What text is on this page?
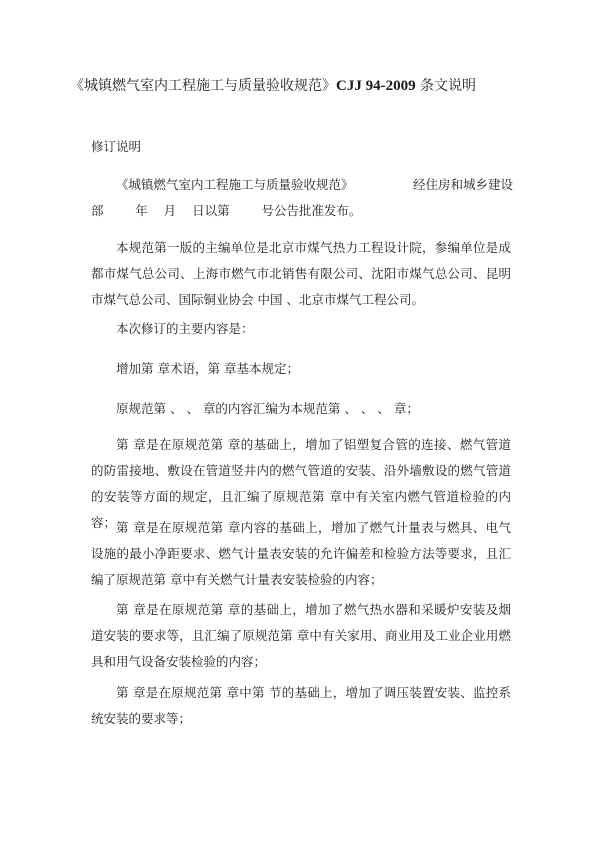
《城镇燃气室内工程施工与质量验收规范》CJJ 94-2009 条文说明
修订说明
《城镇燃气室内工程施工与质量验收规范》	经住房和城乡建设
部        年    月    日以第        号公告批准发布。

本规范第一版的主编单位是北京市煤气热力工程设计院，参编单位是成都市煤气总公司、上海市燃气市北销售有限公司、沈阳市煤气总公司、昆明市煤气总公司、国际铜业协会 中国 、北京市煤气工程公司。

本次修订的主要内容是：

增加第 章术语，第 章基本规定；

原规范第 、 、 章的内容汇编为本规范第 、 、 、 章；

第 章是在原规范第 章的基础上，增加了铝塑复合管的连接、燃气管道的防雷接地、敷设在管道竖井内的燃气管道的安装、沿外墙敷设的燃气管道的安装等方面的规定，且汇编了原规范第 章中有关室内燃气管道检验的内容； 第 章是在原规范第 章内容的基础上，增加了燃气计量表与燃具、电气设施的最小净距要求、燃气计量表安装的允许偏差和检验方法等要求，且汇编了原规范第 章中有关燃气计量表安装检验的内容；

第 章是在原规范第 章的基础上，增加了燃气热水器和采暖炉安装及烟道安装的要求等，且汇编了原规范第 章中有关家用、商业用及工业企业用燃具和用气设备安装检验的内容；

第 章是在原规范第 章中第 节的基础上，增加了调压装置安装、监控系统安装的要求等；
